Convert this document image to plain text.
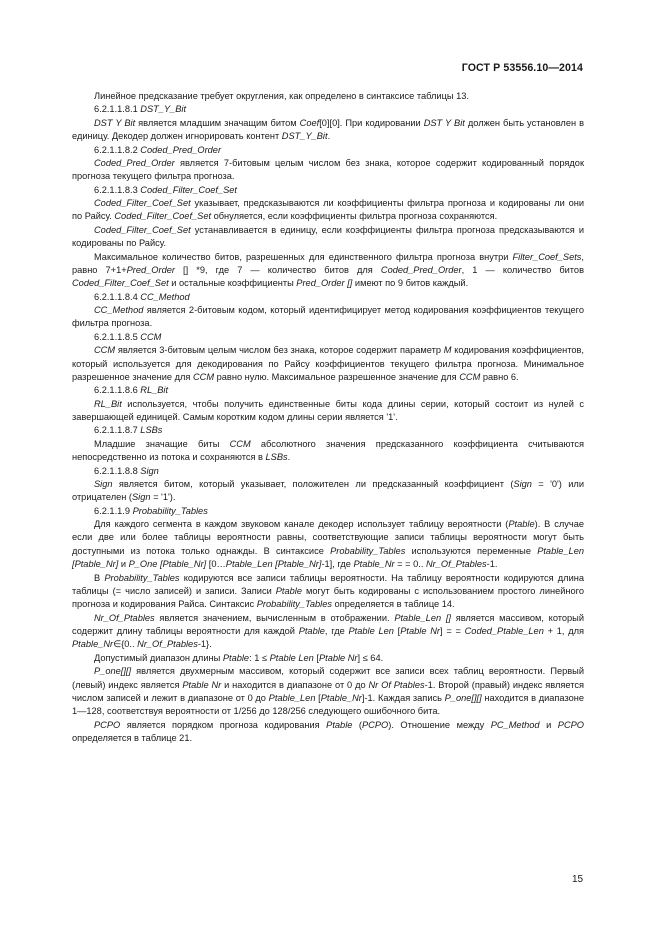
ГОСТ Р 53556.10—2014

Линейное предсказание требует округления, как определено в синтаксисе таблицы 13.

6.2.1.1.8.1 DST_Y_Bit

DST Y Bit является младшим значащим битом Coef[0][0]. При кодировании DST Y Bit должен быть установлен в единицу. Декодер должен игнорировать контент DST_Y_Bit.

6.2.1.1.8.2 Coded_Pred_Order

Coded_Pred_Order является 7-битовым целым числом без знака, которое содержит кодированный порядок прогноза текущего фильтра прогноза.

6.2.1.1.8.3 Coded_Filter_Coef_Set

Coded_Filter_Coef_Set указывает, предсказываются ли коэффициенты фильтра прогноза и кодированы ли они по Райсу. Coded_Filter_Coef_Set обнуляется, если коэффициенты фильтра прогноза сохраняются.

Coded_Filter_Coef_Set устанавливается в единицу, если коэффициенты фильтра прогноза предсказываются и кодированы по Райсу.

Максимальное количество битов, разрешенных для единственного фильтра прогноза внутри Filter_Coef_Sets, равно 7+1+Pred_Order [] *9, где 7 — количество битов для Coded_Pred_Order, 1 — количество битов Coded_Filter_Coef_Set и остальные коэффициенты Pred_Order [] имеют по 9 битов каждый.

6.2.1.1.8.4 CC_Method

CC_Method является 2-битовым кодом, который идентифицирует метод кодирования коэффициентов текущего фильтра прогноза.

6.2.1.1.8.5 CCM

CCM является 3-битовым целым числом без знака, которое содержит параметр M кодирования коэффициентов, который используется для декодирования по Райсу коэффициентов текущего фильтра прогноза. Минимальное разрешенное значение для CCM равно нулю. Максимальное разрешенное значение для CCM равно 6.

6.2.1.1.8.6 RL_Bit

RL_Bit используется, чтобы получить единственные биты кода длины серии, который состоит из нулей с завершающей единицей. Самым коротким кодом длины серии является '1'.

6.2.1.1.8.7 LSBs

Младшие значащие биты CCM абсолютного значения предсказанного коэффициента считываются непосредственно из потока и сохраняются в LSBs.

6.2.1.1.8.8 Sign

Sign является битом, который указывает, положителен ли предсказанный коэффициент (Sign = '0') или отрицателен (Sign = '1').

6.2.1.1.9 Probability_Tables

Для каждого сегмента в каждом звуковом канале декодер использует таблицу вероятности (Ptable). В случае если две или более таблицы вероятности равны, соответствующие записи таблицы вероятности могут быть доступными из потока только однажды. В синтаксисе Probability_Tables используются переменные Ptable_Len [Ptable_Nr] и P_One [Ptable_Nr] [0…Ptable_Len [Ptable_Nr]-1], где Ptable_Nr = = 0.. Nr_Of_Ptables-1.

В Probability_Tables кодируются все записи таблицы вероятности. На таблицу вероятности кодируются длина таблицы (= число записей) и записи. Записи Ptable могут быть кодированы с использованием простого линейного прогноза и кодирования Райса. Синтаксис Probability_Tables определяется в таблице 14.

Nr_Of_Ptables является значением, вычисленным в отображении. Ptable_Len [] является массивом, который содержит длину таблицы вероятности для каждой Ptable, где Ptable Len [Ptable Nr] = = Coded_Ptable_Len + 1, для Ptable_Nr∈{0.. Nr_Of_Ptables-1}.

Допустимый диапазон длины Ptable: 1 ≤ Ptable Len [Ptable Nr] ≤ 64.

P_one[][] является двухмерным массивом, который содержит все записи всех таблиц вероятности. Первый (левый) индекс является Ptable Nr и находится в диапазоне от 0 до Nr Of Ptables-1. Второй (правый) индекс является числом записей и лежит в диапазоне от 0 до Ptable_Len [Ptable_Nr]-1. Каждая запись P_one[][] находится в диапазоне 1—128, соответствуя вероятности от 1/256 до 128/256 следующего ошибочного бита.

PCPO является порядком прогноза кодирования Ptable (PCPO). Отношение между PC_Method и PCPO определяется в таблице 21.

15
